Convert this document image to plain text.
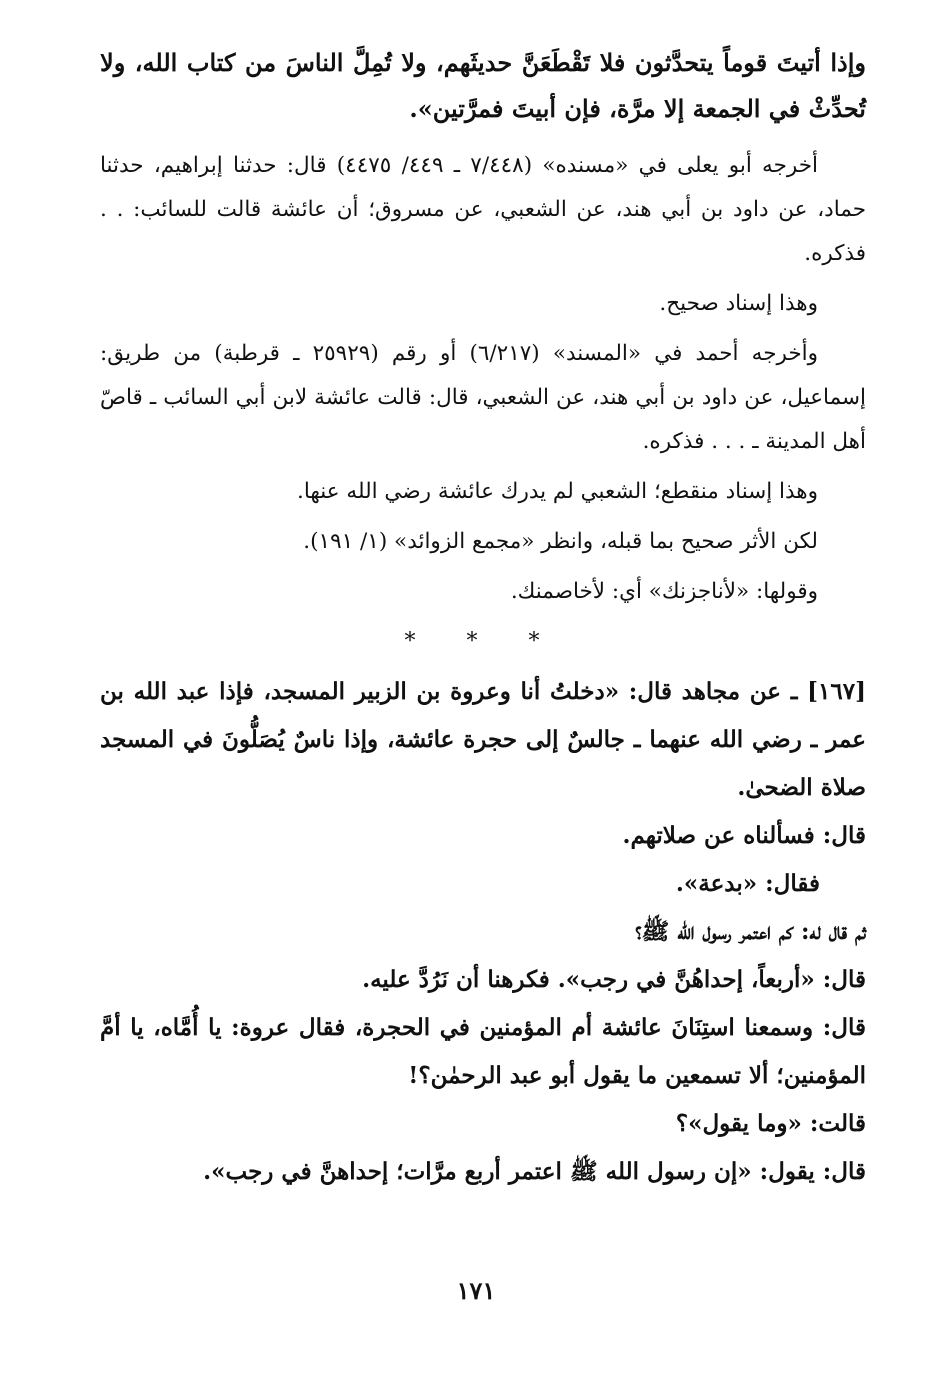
وإذا أتيتَ قوماً يتحدَّثون فلا تَقْطَعَنَّ حديثَهم، ولا تُمِلَّ الناسَ من كتاب الله، ولا تُحدِّثْ في الجمعة إلا مرَّة، فإن أبيتَ فمرَّتين».

أخرجه أبو يعلى في «مسنده» (٧/٤٤٨ ـ ٤٤٩/ ٤٤٧٥) قال: حدثنا إبراهيم، حدثنا حماد، عن داود بن أبي هند، عن الشعبي، عن مسروق؛ أن عائشة قالت للسائب: . . فذكره.

وهذا إسناد صحيح.

وأخرجه أحمد في «المسند» (٦/٢١٧) أو رقم (٢٥٩٢٩ ـ قرطبة) من طريق: إسماعيل، عن داود بن أبي هند، عن الشعبي، قال: قالت عائشة لابن أبي السائب ـ قاصّ أهل المدينة ـ . . . فذكره.

وهذا إسناد منقطع؛ الشعبي لم يدرك عائشة رضي الله عنها.

لكن الأثر صحيح بما قبله، وانظر «مجمع الزوائد» (١/ ١٩١).

وقولها: «لأناجزنك» أي: لأخاصمنك.

* * *

[١٦٧] ـ عن مجاهد قال: «دخلتُ أنا وعروة بن الزبير المسجد، فإذا عبد الله بن عمر ـ رضي الله عنهما ـ جالسٌ إلى حجرة عائشة، وإذا ناسٌ يُصَلُّونَ في المسجد صلاة الضحىٰ.

قال: فسألناه عن صلاتهم.

فقال: «بدعة».

ثم قال له: كم اعتمر رسول الله ﷺ؟

قال: «أربعاً، إحداهُنَّ في رجب». فكرهنا أن نَرُدَّ عليه.

قال: وسمعنا استِنَانَ عائشة أم المؤمنين في الحجرة، فقال عروة: يا أُمَّاه، يا أمَّ المؤمنين؛ ألا تسمعين ما يقول أبو عبد الرحمٰن؟!

قالت: «وما يقول»؟

قال: يقول: «إن رسول الله ﷺ اعتمر أربع مرَّات؛ إحداهنَّ في رجب».

١٧١
